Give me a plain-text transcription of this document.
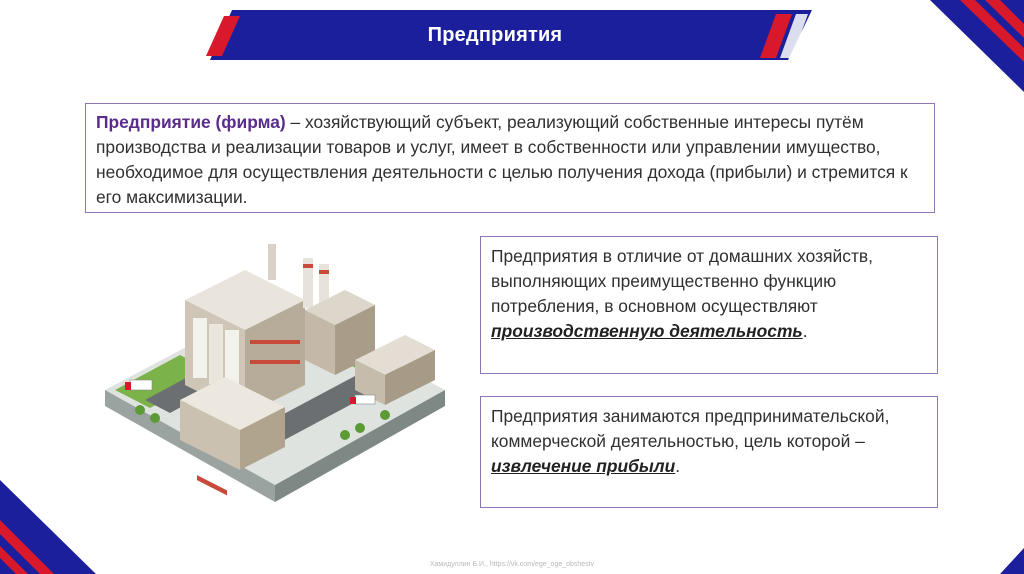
Предприятия
Предприятие (фирма) – хозяйствующий субъект, реализующий собственные интересы путём производства и реализации товаров и услуг, имеет в собственности или управлении имущество, необходимое для осуществления деятельности с целью получения дохода (прибыли) и стремится к его максимизации.
Предприятия в отличие от домашних хозяйств, выполняющих преимущественно функцию потребления, в основном осуществляют производственную деятельность.
Предприятия занимаются предпринимательской, коммерческой деятельностью, цель которой – извлечение прибыли.
Хамидуллин Б.И., https://vk.com/ege_oge_obshestv
